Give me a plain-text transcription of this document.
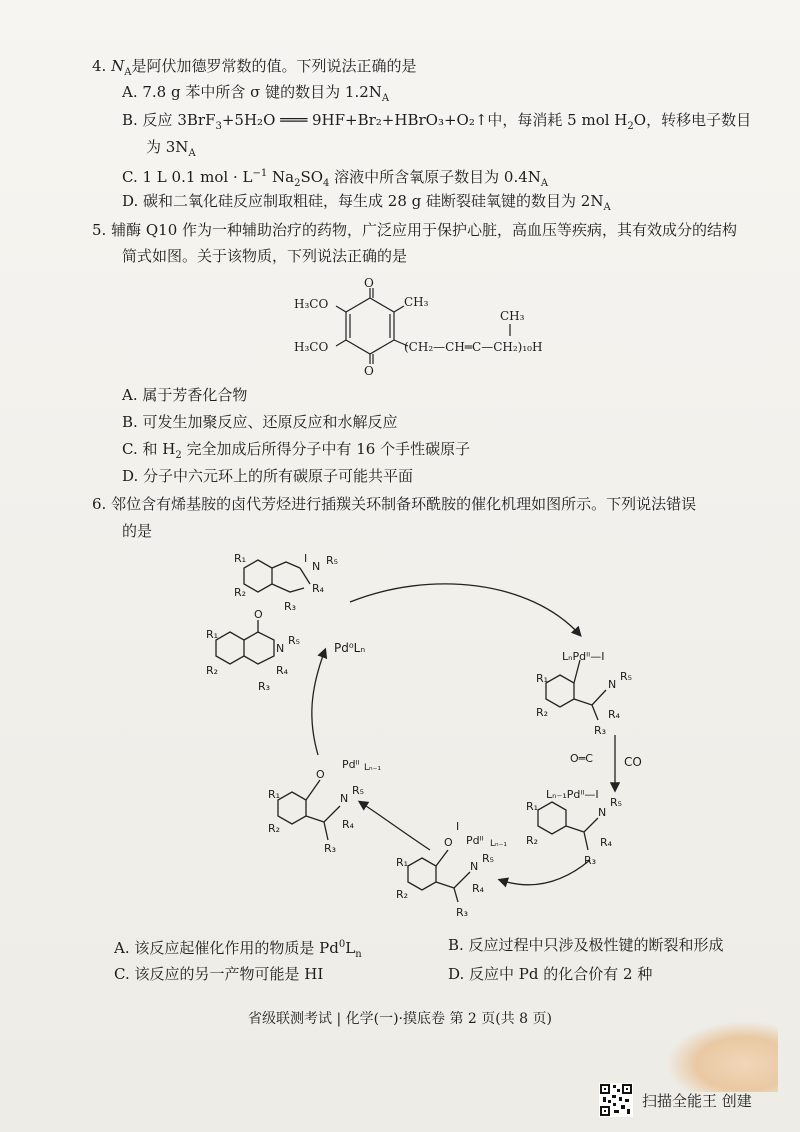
4. $N_A$是阿伏加德罗常数的值。下列说法正确的是
A. 7.8 g 苯中所含 σ 键的数目为 $1.2N_A$
B. 反应 3BrF$_3$+5H₂O ═══ 9HF+Br₂+HBrO₃+O₂↑中，每消耗 5 mol $H_2O$，转移电子数目
为 $3N_A$
C. 1 L 0.1 mol · $L^{-1}$ $Na_2SO_4$ 溶液中所含氧原子数目为 $0.4N_A$
D. 碳和二氧化硅反应制取粗硅，每生成 28 g 硅断裂硅氧键的数目为 $2N_A$
5. 辅酶 Q10 作为一种辅助治疗的药物，广泛应用于保护心脏，高血压等疾病，其有效成分的结构
简式如图。关于该物质，下列说法正确的是
O
O
H₃CO
H₃CO
CH₃
CH₃
(CH₂—CH═C—CH₂)₁₀H
A. 属于芳香化合物
B. 可发生加聚反应、还原反应和水解反应
C. 和 $H_2$ 完全加成后所得分子中有 16 个手性碳原子
D. 分子中六元环上的所有碳原子可能共平面
6. 邻位含有烯基胺的卤代芳烃进行插羰关环制备环酰胺的催化机理如图所示。下列说法错误
的是
R₁
R₂
I
N R₅
R₄
R₃
R₁
R₂
O
N
R₅
R₄
R₃
Pd⁰Lₙ
LₙPdᴵᴵ—I
R₁
R₂
N
R₅
R₄
R₃
CO
O═C
Lₙ₋₁Pdᴵᴵ—I
R₁
R₂
N
R₅
R₄
R₃
I
Pdᴵᴵ Lₙ₋₁
O
R₁
R₂
N
R₅
R₄
R₃
O
Pdᴵᴵ Lₙ₋₁
R₁
R₂
N
R₅
R₄
R₃
A. 该反应起催化作用的物质是 $Pd^0L_n$
B. 反应过程中只涉及极性键的断裂和形成
C. 该反应的另一产物可能是 HI	D. 反应中 Pd 的化合价有 2 种
省级联测考试 | 化学(一)·摸底卷 第 2 页(共 8 页)
扫描全能王 创建
